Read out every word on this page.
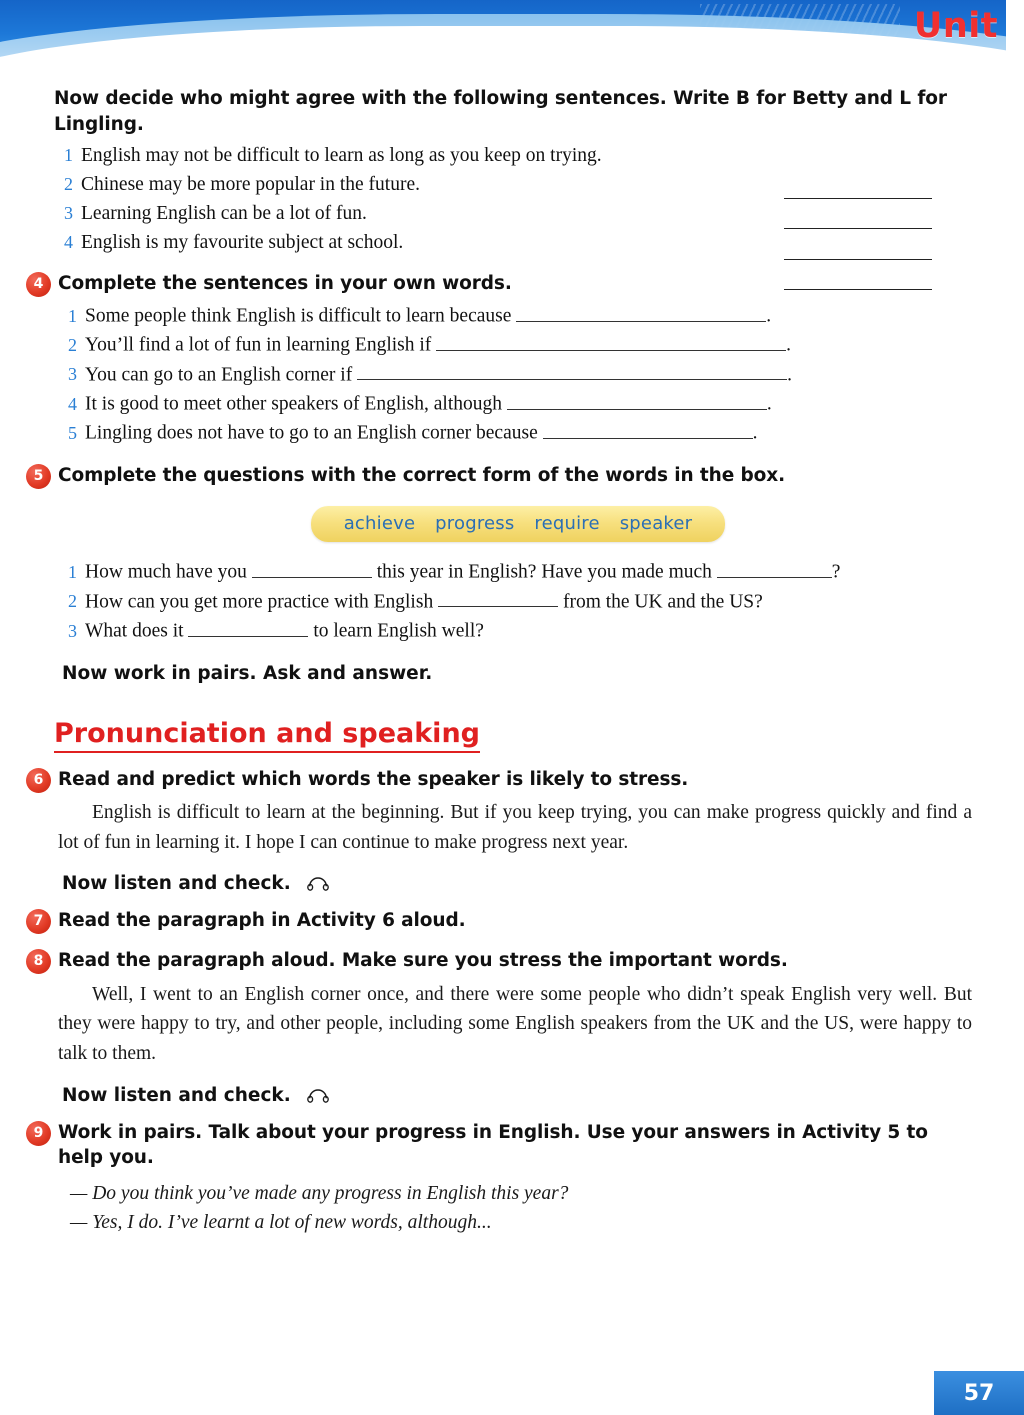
Unit
Now decide who might agree with the following sentences. Write B for Betty and L for Lingling.
1 English may not be difficult to learn as long as you keep on trying.
2 Chinese may be more popular in the future.
3 Learning English can be a lot of fun.
4 English is my favourite subject at school.
4 Complete the sentences in your own words.
1 Some people think English is difficult to learn because	.
2 You’ll find a lot of fun in learning English if	.
3 You can go to an English corner if	.
4 It is good to meet other speakers of English, although	.
5 Lingling does not have to go to an English corner because	.
5 Complete the questions with the correct form of the words in the box.
achieve progress require speaker
1 How much have you	this year in English? Have you made much	?
2 How can you get more practice with English	from the UK and the US?
3 What does it	to learn English well?
Now work in pairs. Ask and answer.
Pronunciation and speaking
6 Read and predict which words the speaker is likely to stress.
English is difficult to learn at the beginning. But if you keep trying, you can make progress quickly and find a lot of fun in learning it. I hope I can continue to make progress next year.
Now listen and check.
7 Read the paragraph in Activity 6 aloud.
8 Read the paragraph aloud. Make sure you stress the important words.
Well, I went to an English corner once, and there were some people who didn’t speak English very well. But they were happy to try, and other people, including some English speakers from the UK and the US, were happy to talk to them.
Now listen and check.
9 Work in pairs. Talk about your progress in English. Use your answers in Activity 5 to help you.
— Do you think you’ve made any progress in English this year?
— Yes, I do. I’ve learnt a lot of new words, although...
57
